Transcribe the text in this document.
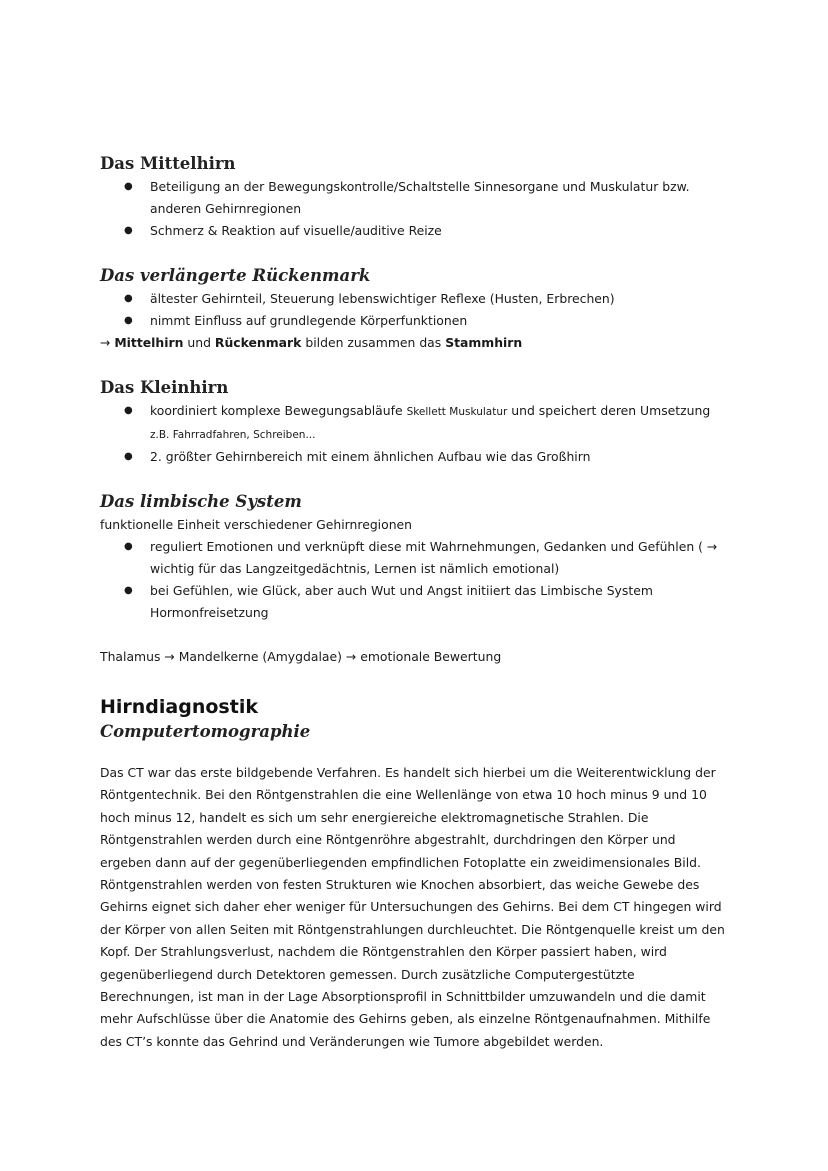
Das Mittelhirn
● Beteiligung an der Bewegungskontrolle/Schaltstelle Sinnesorgane und Muskulatur bzw. anderen Gehirnregionen
● Schmerz & Reaktion auf visuelle/auditive Reize
Das verlängerte Rückenmark
● ältester Gehirnteil, Steuerung lebenswichtiger Reflexe (Husten, Erbrechen)
● nimmt Einfluss auf grundlegende Körperfunktionen

→ Mittelhirn und Rückenmark bilden zusammen das Stammhirn

Das Kleinhirn
● koordiniert komplexe Bewegungsabläufe Skellett Muskulatur und speichert deren Umsetzung z.B. Fahrradfahren, Schreiben...
● 2. größter Gehirnbereich mit einem ähnlichen Aufbau wie das Großhirn
Das limbische System

funktionelle Einheit verschiedener Gehirnregionen

● reguliert Emotionen und verknüpft diese mit Wahrnehmungen, Gedanken und Gefühlen ( → wichtig für das Langzeitgedächtnis, Lernen ist nämlich emotional)
● bei Gefühlen, wie Glück, aber auch Wut und Angst initiiert das Limbische System Hormonfreisetzung

Thalamus → Mandelkerne (Amygdalae) → emotionale Bewertung

Hirndiagnostik
Computertomographie

Das CT war das erste bildgebende Verfahren. Es handelt sich hierbei um die Weiterentwicklung der Röntgentechnik. Bei den Röntgenstrahlen die eine Wellenlänge von etwa 10 hoch minus 9 und 10 hoch minus 12, handelt es sich um sehr energiereiche elektromagnetische Strahlen. Die Röntgenstrahlen werden durch eine Röntgenröhre abgestrahlt, durchdringen den Körper und ergeben dann auf der gegenüberliegenden empfindlichen Fotoplatte ein zweidimensionales Bild. Röntgenstrahlen werden von festen Strukturen wie Knochen absorbiert, das weiche Gewebe des Gehirns eignet sich daher eher weniger für Untersuchungen des Gehirns. Bei dem CT hingegen wird der Körper von allen Seiten mit Röntgenstrahlungen durchleuchtet. Die Röntgenquelle kreist um den Kopf. Der Strahlungsverlust, nachdem die Röntgenstrahlen den Körper passiert haben, wird gegenüberliegend durch Detektoren gemessen. Durch zusätzliche Computergestützte Berechnungen, ist man in der Lage Absorptionsprofil in Schnittbilder umzuwandeln und die damit mehr Aufschlüsse über die Anatomie des Gehirns geben, als einzelne Röntgenaufnahmen. Mithilfe des CT’s konnte das Gehrind und Veränderungen wie Tumore abgebildet werden.
